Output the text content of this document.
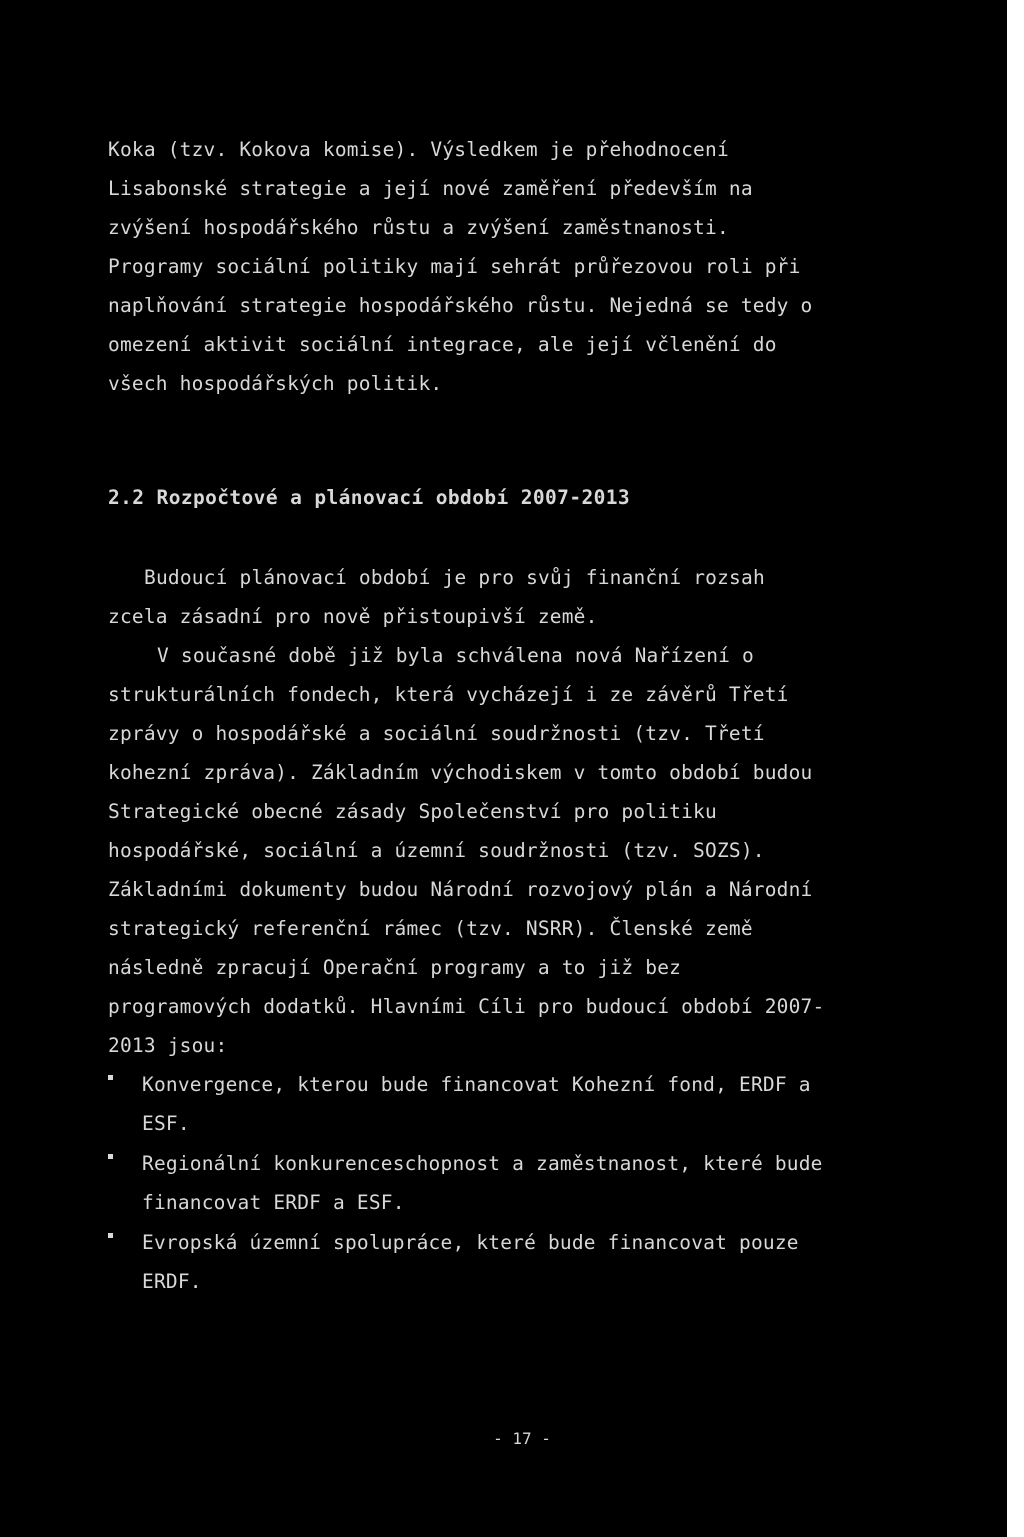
Koka (tzv. Kokova komise). Výsledkem je přehodnocení
Lisabonské strategie a její nové zaměření především na
zvýšení hospodářského růstu a zvýšení zaměstnanosti.
Programy sociální politiky mají sehrát průřezovou roli při
naplňování strategie hospodářského růstu. Nejedná se tedy o
omezení aktivit sociální integrace, ale její včlenění do
všech hospodářských politik.
2.2 Rozpočtové a plánovací období 2007-2013
Budoucí plánovací období je pro svůj finanční rozsah
zcela zásadní pro nově přistoupivší země.
V současné době již byla schválena nová Nařízení o
strukturálních fondech, která vycházejí i ze závěrů Třetí
zprávy o hospodářské a sociální soudržnosti (tzv. Třetí
kohezní zpráva). Základním východiskem v tomto období budou
Strategické obecné zásady Společenství pro politiku
hospodářské, sociální a územní soudržnosti (tzv. SOZS).
Základními dokumenty budou Národní rozvojový plán a Národní
strategický referenční rámec (tzv. NSRR). Členské země
následně zpracují Operační programy a to již bez
programových dodatků. Hlavními Cíli pro budoucí období 2007-
2013 jsou:
Konvergence, kterou bude financovat Kohezní fond, ERDF a
ESF.
Regionální konkurenceschopnost a zaměstnanost, které bude
financovat ERDF a ESF.
Evropská územní spolupráce, které bude financovat pouze
ERDF.
- 17 -
